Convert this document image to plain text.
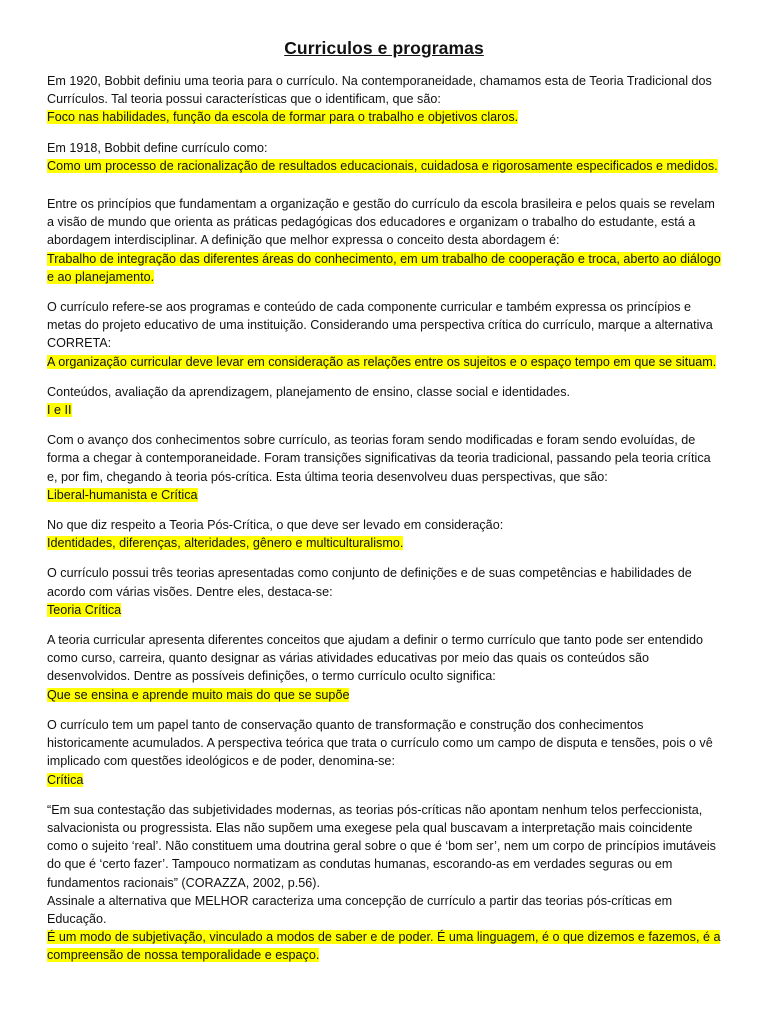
Curriculos e programas

Em 1920, Bobbit definiu uma teoria para o currículo. Na contemporaneidade, chamamos esta de Teoria Tradicional dos Currículos. Tal teoria possui características que o identificam, que são:

Foco nas habilidades, função da escola de formar para o trabalho e objetivos claros.

Em 1918, Bobbit define currículo como:

Como um processo de racionalização de resultados educacionais, cuidadosa e rigorosamente especificados e medidos.

Entre os princípios que fundamentam a organização e gestão do currículo da escola brasileira e pelos quais se revelam a visão de mundo que orienta as práticas pedagógicas dos educadores e organizam o trabalho do estudante, está a abordagem interdisciplinar. A definição que melhor expressa o conceito desta abordagem é:

Trabalho de integração das diferentes áreas do conhecimento, em um trabalho de cooperação e troca, aberto ao diálogo e ao planejamento.

O currículo refere-se aos programas e conteúdo de cada componente curricular e também expressa os princípios e metas do projeto educativo de uma instituição. Considerando uma perspectiva crítica do currículo, marque a alternativa CORRETA:

A organização curricular deve levar em consideração as relações entre os sujeitos e o espaço tempo em que se situam.

Conteúdos, avaliação da aprendizagem, planejamento de ensino, classe social e identidades.

I e II

Com o avanço dos conhecimentos sobre currículo, as teorias foram sendo modificadas e foram sendo evoluídas, de forma a chegar à contemporaneidade. Foram transições significativas da teoria tradicional, passando pela teoria crítica e, por fim, chegando à teoria pós-crítica. Esta última teoria desenvolveu duas perspectivas, que são:

Liberal-humanista e Crítica

No que diz respeito a Teoria Pós-Crítica, o que deve ser levado em consideração:

Identidades, diferenças, alteridades, gênero e multiculturalismo.

O currículo possui três teorias apresentadas como conjunto de definições e de suas competências e habilidades de acordo com várias visões. Dentre eles, destaca-se:

Teoria Crítica

A teoria curricular apresenta diferentes conceitos que ajudam a definir o termo currículo que tanto pode ser entendido como curso, carreira, quanto designar as várias atividades educativas por meio das quais os conteúdos são desenvolvidos. Dentre as possíveis definições, o termo currículo oculto significa:

Que se ensina e aprende muito mais do que se supõe

O currículo tem um papel tanto de conservação quanto de transformação e construção dos conhecimentos historicamente acumulados. A perspectiva teórica que trata o currículo como um campo de disputa e tensões, pois o vê implicado com questões ideológicos e de poder, denomina-se:

Crítica

“Em sua contestação das subjetividades modernas, as teorias pós-críticas não apontam nenhum telos perfeccionista, salvacionista ou progressista. Elas não supõem uma exegese pela qual buscavam a interpretação mais coincidente como o sujeito ‘real’. Não constituem uma doutrina geral sobre o que é ‘bom ser’, nem um corpo de princípios imutáveis do que é ‘certo fazer’. Tampouco normatizam as condutas humanas, escorando-as em verdades seguras ou em fundamentos racionais” (CORAZZA, 2002, p.56).

Assinale a alternativa que MELHOR caracteriza uma concepção de currículo a partir das teorias pós-críticas em Educação.

É um modo de subjetivação, vinculado a modos de saber e de poder. É uma linguagem, é o que dizemos e fazemos, é a compreensão de nossa temporalidade e espaço.
